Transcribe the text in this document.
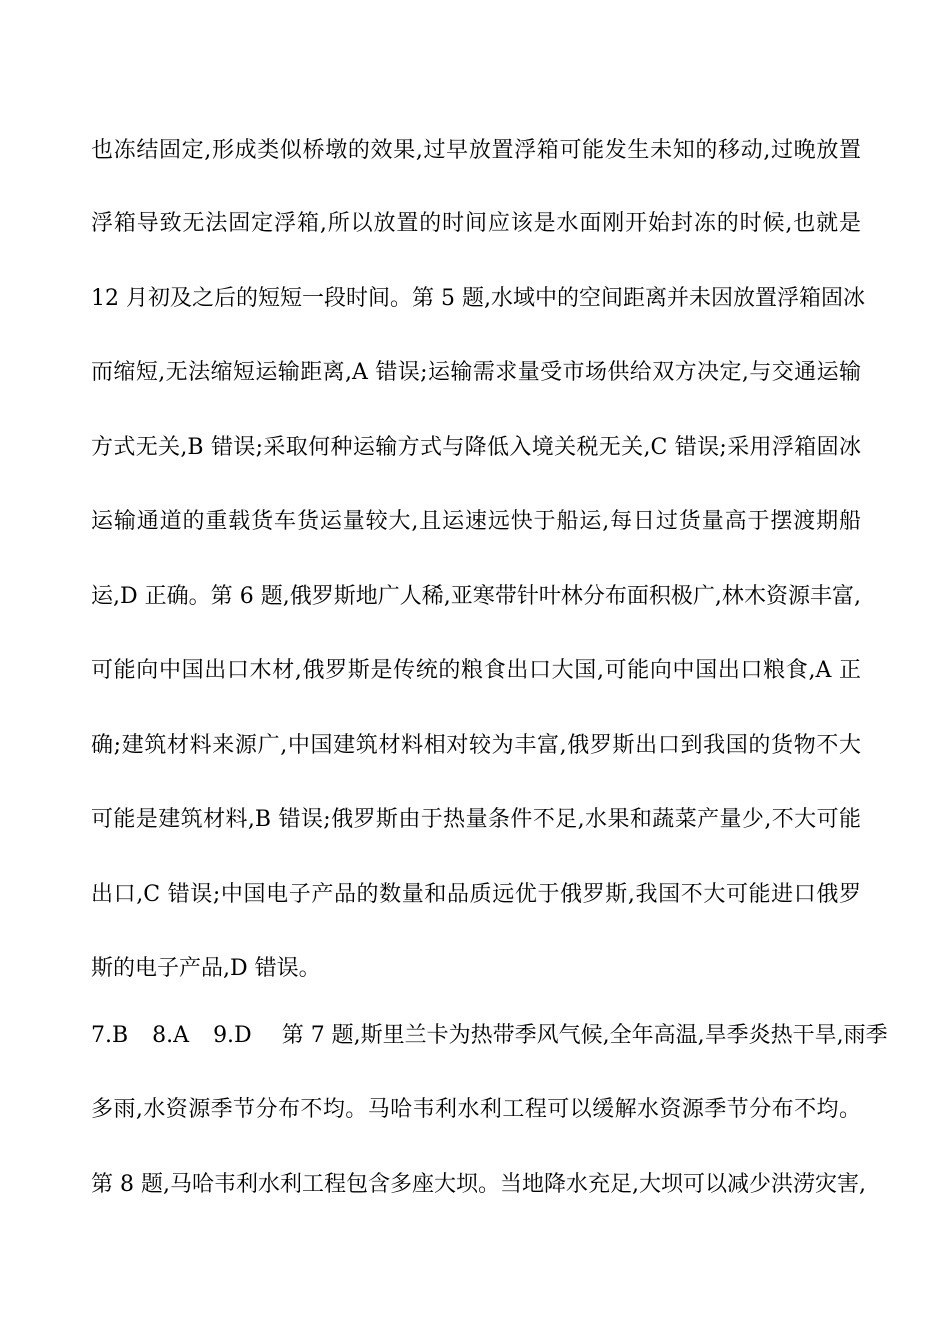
也冻结固定,形成类似桥墩的效果,过早放置浮箱可能发生未知的移动,过晚放置
浮箱导致无法固定浮箱,所以放置的时间应该是水面刚开始封冻的时候,也就是
12 月初及之后的短短一段时间。第 5 题,水域中的空间距离并未因放置浮箱固冰
而缩短,无法缩短运输距离,A 错误;运输需求量受市场供给双方决定,与交通运输
方式无关,B 错误;采取何种运输方式与降低入境关税无关,C 错误;采用浮箱固冰
运输通道的重载货车货运量较大,且运速远快于船运,每日过货量高于摆渡期船
运,D 正确。第 6 题,俄罗斯地广人稀,亚寒带针叶林分布面积极广,林木资源丰富,
可能向中国出口木材,俄罗斯是传统的粮食出口大国,可能向中国出口粮食,A 正
确;建筑材料来源广,中国建筑材料相对较为丰富,俄罗斯出口到我国的货物不大
可能是建筑材料,B 错误;俄罗斯由于热量条件不足,水果和蔬菜产量少,不大可能
出口,C 错误;中国电子产品的数量和品质远优于俄罗斯,我国不大可能进口俄罗
斯的电子产品,D 错误。
7.B 8.A 9.D 第 7 题,斯里兰卡为热带季风气候,全年高温,旱季炎热干旱,雨季
多雨,水资源季节分布不均。马哈韦利水利工程可以缓解水资源季节分布不均。
第 8 题,马哈韦利水利工程包含多座大坝。当地降水充足,大坝可以减少洪涝灾害,
